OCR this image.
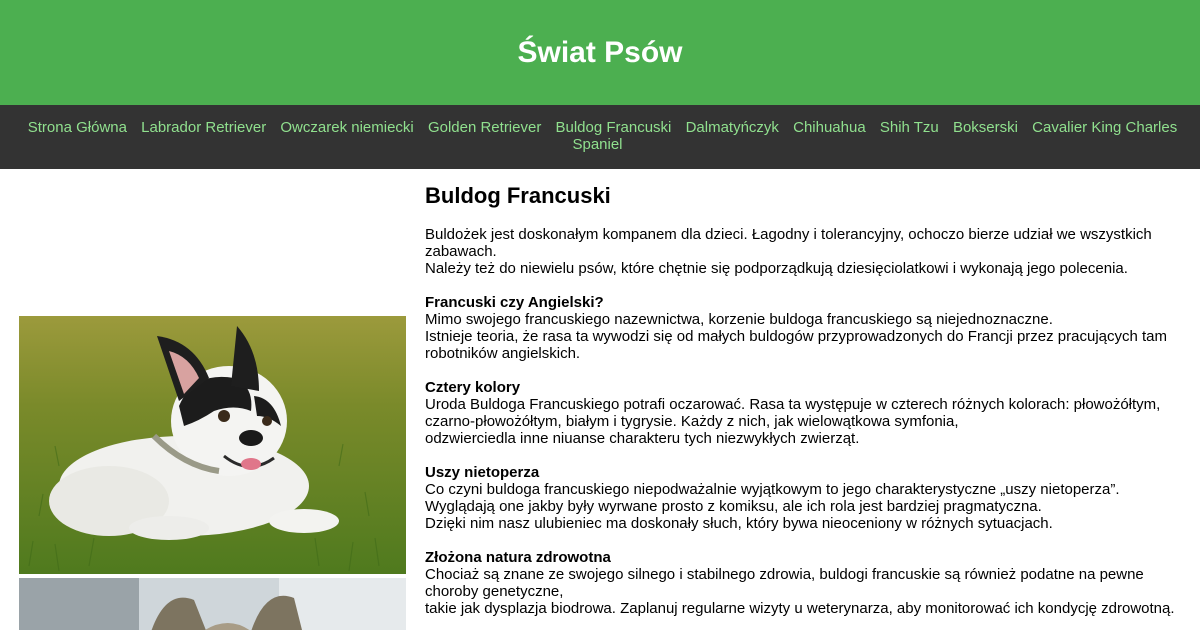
Świat Psów
Strona Główna Labrador Retriever Owczarek niemiecki Golden Retriever Buldog Francuski Dalmatyńczyk Chihuahua Shih Tzu Bokserski Cavalier King Charles Spaniel
Buldog Francuski
Buldożek jest doskonałym kompanem dla dzieci. Łagodny i tolerancyjny, ochoczo bierze udział we wszystkich zabawach.
Należy też do niewielu psów, które chętnie się podporządkują dziesięciolatkowi i wykonają jego polecenia.
Francuski czy Angielski?
Mimo swojego francuskiego nazewnictwa, korzenie buldoga francuskiego są niejednoznaczne.
Istnieje teoria, że rasa ta wywodzi się od małych buldogów przyprowadzonych do Francji przez pracujących tam robotników angielskich.
Cztery kolory
Uroda Buldoga Francuskiego potrafi oczarować. Rasa ta występuje w czterech różnych kolorach: płowożółtym, czarno-płowożółtym, białym i tygrysie. Każdy z nich, jak wielowątkowa symfonia,
odzwierciedla inne niuanse charakteru tych niezwykłych zwierząt.
Uszy nietoperza
Co czyni buldoga francuskiego niepodważalnie wyjątkowym to jego charakterystyczne „uszy nietoperza”.
Wyglądają one jakby były wyrwane prosto z komiksu, ale ich rola jest bardziej pragmatyczna.
Dzięki nim nasz ulubieniec ma doskonały słuch, który bywa nieoceniony w różnych sytuacjach.
Złożona natura zdrowotna
Chociaż są znane ze swojego silnego i stabilnego zdrowia, buldogi francuskie są również podatne na pewne choroby genetyczne,
takie jak dysplazja biodrowa. Zaplanuj regularne wizyty u weterynarza, aby monitorować ich kondycję zdrowotną.
